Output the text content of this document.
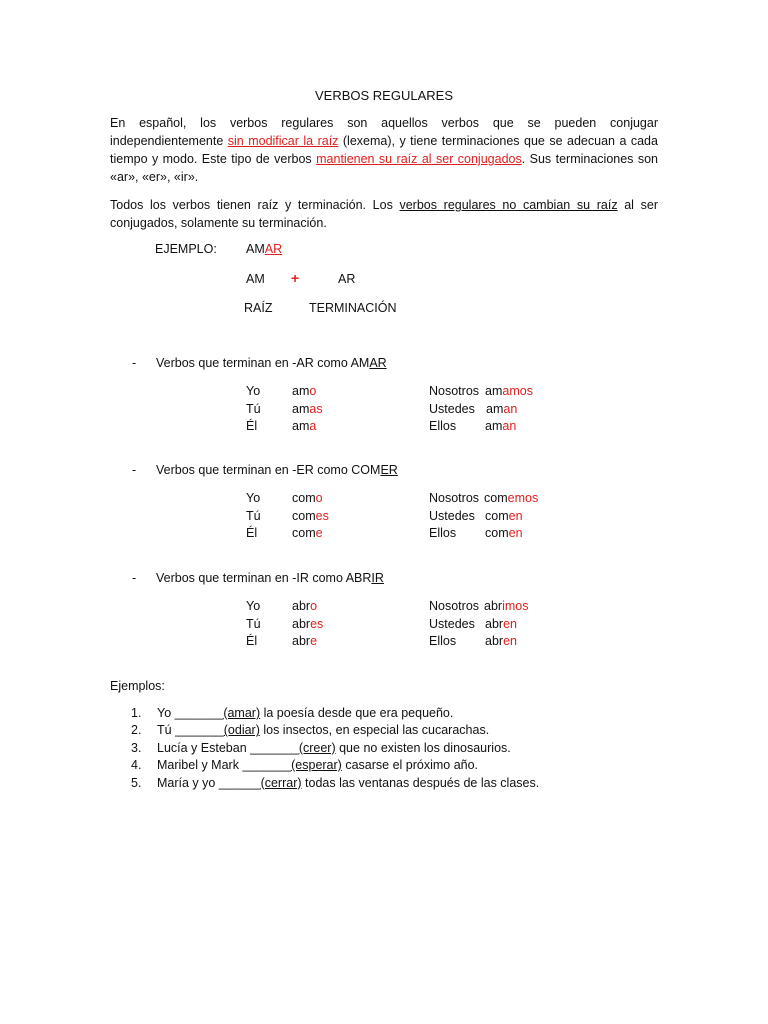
VERBOS REGULARES
En español, los verbos regulares son aquellos verbos que se pueden conjugar independientemente sin modificar la raíz (lexema), y tiene terminaciones que se adecuan a cada tiempo y modo. Este tipo de verbos mantienen su raíz al ser conjugados. Sus terminaciones son «ar», «er», «ir».
Todos los verbos tienen raíz y terminación. Los verbos regulares no cambian su raíz al ser conjugados, solamente su terminación.
EJEMPLO: AMAR
AM +	AR
RAÍZ	TERMINACIÓN
- Verbos que terminan en -AR como AMAR
Yo
Tú
Él
amo
amas
ama
Nosotros
Ustedes
Ellos
amamos
aman
aman
- Verbos que terminan en -ER como COMER
Yo
Tú
Él
como
comes
come
Nosotros
Ustedes
Ellos
comemos
comen
comen
- Verbos que terminan en -IR como ABRIR
Yo
Tú
Él
abro
abres
abre
Nosotros
Ustedes
Ellos
abrimos
abren
abren
Ejemplos:
1. Yo _______(amar) la poesía desde que era pequeño.
2. Tú _______(odiar) los insectos, en especial las cucarachas.
3. Lucía y Esteban _______(creer) que no existen los dinosaurios.
4. Maribel y Mark _______(esperar) casarse el próximo año.
5. María y yo ______(cerrar) todas las ventanas después de las clases.
